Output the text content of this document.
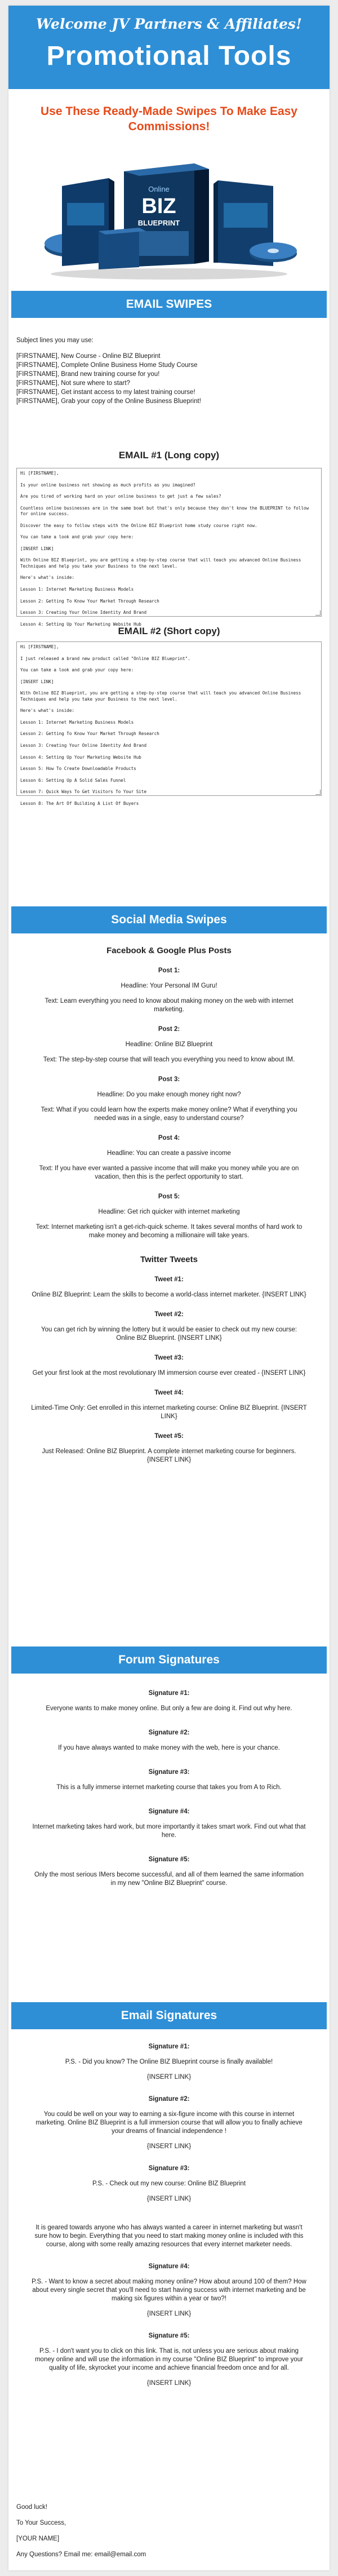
Welcome JV Partners & Affiliates!
Promotional Tools
Use These Ready-Made Swipes To Make Easy Commissions!
Online
BIZ
BLUEPRINT
EMAIL SWIPES

Subject lines you may use:

[FIRSTNAME], New Course - Online BIZ Blueprint

[FIRSTNAME], Complete Online Business Home Study Course

[FIRSTNAME], Brand new training course for you!

[FIRSTNAME], Not sure where to start?

[FIRSTNAME], Get instant access to my latest training course!

[FIRSTNAME], Grab your copy of the Online Business Blueprint!

EMAIL #1 (Long copy)
Hi [FIRSTNAME],
Is your online business not showing as much profits as you imagined?
Are you tired of working hard on your online business to get just a few sales?
Countless online businesses are in the same boat but that's only because they don't know the BLUEPRINT to follow for online success.
Discover the easy to follow steps with the Online BIZ Blueprint home study course right now.
You can take a look and grab your copy here:
[INSERT LINK]
With Online BIZ Blueprint, you are getting a step-by-step course that will teach you advanced Online Business Techniques and help you take your Business to the next level.
Here's what's inside:
Lesson 1: Internet Marketing Business Models
Lesson 2: Getting To Know Your Market Through Research
Lesson 3: Creating Your Online Identity And Brand
Lesson 4: Setting Up Your Marketing Website Hub
EMAIL #2 (Short copy)
Hi [FIRSTNAME],
I just released a brand new product called "Online BIZ Blueprint".
You can take a look and grab your copy here:
[INSERT LINK]
With Online BIZ Blueprint, you are getting a step-by-step course that will teach you advanced Online Business Techniques and help you take your Business to the next level.
Here's what's inside:
Lesson 1: Internet Marketing Business Models
Lesson 2: Getting To Know Your Market Through Research
Lesson 3: Creating Your Online Identity And Brand
Lesson 4: Setting Up Your Marketing Website Hub
Lesson 5: How To Create Downloadable Products
Lesson 6: Setting Up A Solid Sales Funnel
Lesson 7: Quick Ways To Get Visitors To Your Site
Lesson 8: The Art Of Building A List Of Buyers
Social Media Swipes
Facebook & Google Plus Posts

Post 1:

Headline: Your Personal IM Guru!

Text: Learn everything you need to know about making money on the web with internet marketing.

Post 2:

Headline: Online BIZ Blueprint

Text: The step-by-step course that will teach you everything you need to know about IM.

Post 3:

Headline: Do you make enough money right now?

Text: What if you could learn how the experts make money online? What if everything you needed was in a single, easy to understand course?

Post 4:

Headline: You can create a passive income

Text: If you have ever wanted a passive income that will make you money while you are on vacation, then this is the perfect opportunity to start.

Post 5:

Headline: Get rich quicker with internet marketing

Text: Internet marketing isn't a get-rich-quick scheme. It takes several months of hard work to make money and becoming a millionaire will take years.

Twitter Tweets

Tweet #1:

Online BIZ Blueprint: Learn the skills to become a world-class internet marketer. {INSERT LINK}

Tweet #2:

You can get rich by winning the lottery but it would be easier to check out my new course: Online BIZ Blueprint. {INSERT LINK}

Tweet #3:

Get your first look at the most revolutionary IM immersion course ever created - {INSERT LINK}

Tweet #4:

Limited-Time Only: Get enrolled in this internet marketing course: Online BIZ Blueprint. {INSERT LINK}

Tweet #5:

Just Released: Online BIZ Blueprint. A complete internet marketing course for beginners. {INSERT LINK}

Forum Signatures

Signature #1:

Everyone wants to make money online. But only a few are doing it. Find out why here.

Signature #2:

If you have always wanted to make money with the web, here is your chance.

Signature #3:

This is a fully immerse internet marketing course that takes you from A to Rich.

Signature #4:

Internet marketing takes hard work, but more importantly it takes smart work. Find out what that here.

Signature #5:

Only the most serious IMers become successful, and all of them learned the same information in my new "Online BIZ Blueprint" course.

Email Signatures

Signature #1:

P.S. - Did you know? The Online BIZ Blueprint course is finally available!

{INSERT LINK}

Signature #2:

You could be well on your way to earning a six-figure income with this course in internet marketing. Online BIZ Blueprint is a full immersion course that will allow you to finally achieve your dreams of financial independence !

{INSERT LINK}

Signature #3:

P.S. - Check out my new course: Online BIZ Blueprint

{INSERT LINK}

It is geared towards anyone who has always wanted a career in internet marketing but wasn't sure how to begin. Everything that you need to start making money online is included with this course, along with some really amazing resources that every internet marketer needs.

Signature #4:

P.S. - Want to know a secret about making money online? How about around 100 of them? How about every single secret that you'll need to start having success with internet marketing and be making six figures within a year or two?!

{INSERT LINK}

Signature #5:

P.S. - I don't want you to click on this link. That is, not unless you are serious about making money online and will use the information in my course "Online BIZ Blueprint" to improve your quality of life, skyrocket your income and achieve financial freedom once and for all.

{INSERT LINK}

Good luck!

To Your Success,

[YOUR NAME]

Any Questions? Email me: email@email.com
